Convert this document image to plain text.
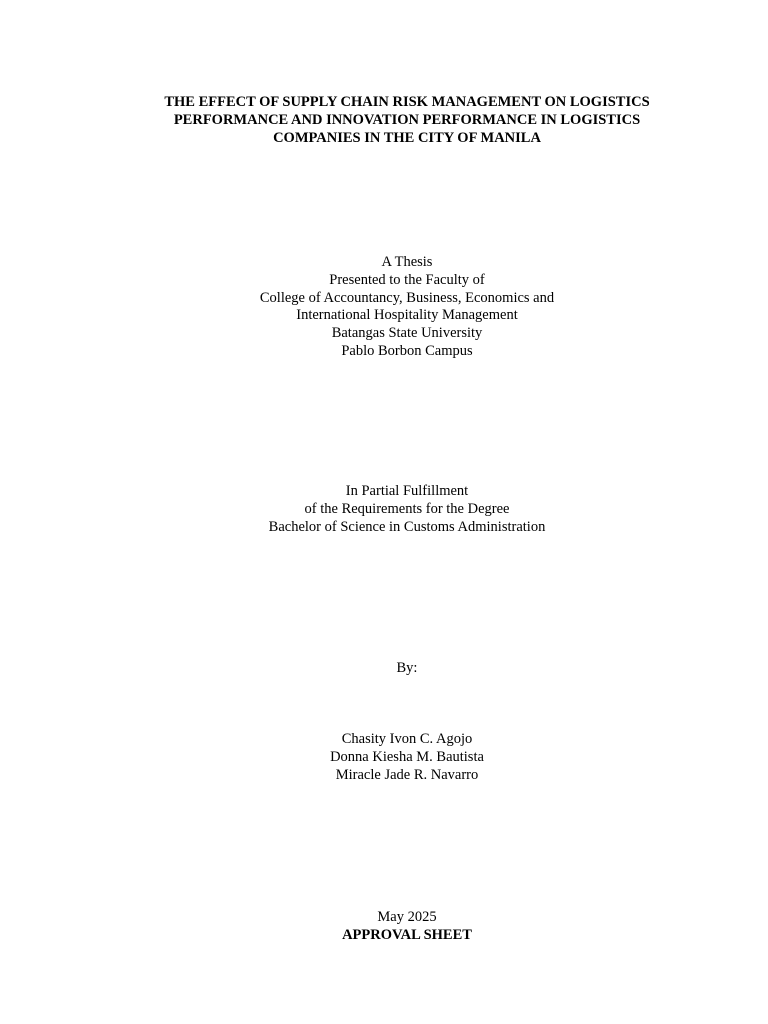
THE EFFECT OF SUPPLY CHAIN RISK MANAGEMENT ON LOGISTICS
PERFORMANCE AND INNOVATION PERFORMANCE IN LOGISTICS
COMPANIES IN THE CITY OF MANILA
A Thesis
Presented to the Faculty of
College of Accountancy, Business, Economics and
International Hospitality Management
Batangas State University
Pablo Borbon Campus
In Partial Fulfillment
of the Requirements for the Degree
Bachelor of Science in Customs Administration
By:
Chasity Ivon C. Agojo
Donna Kiesha M. Bautista
Miracle Jade R. Navarro
May 2025
APPROVAL SHEET
